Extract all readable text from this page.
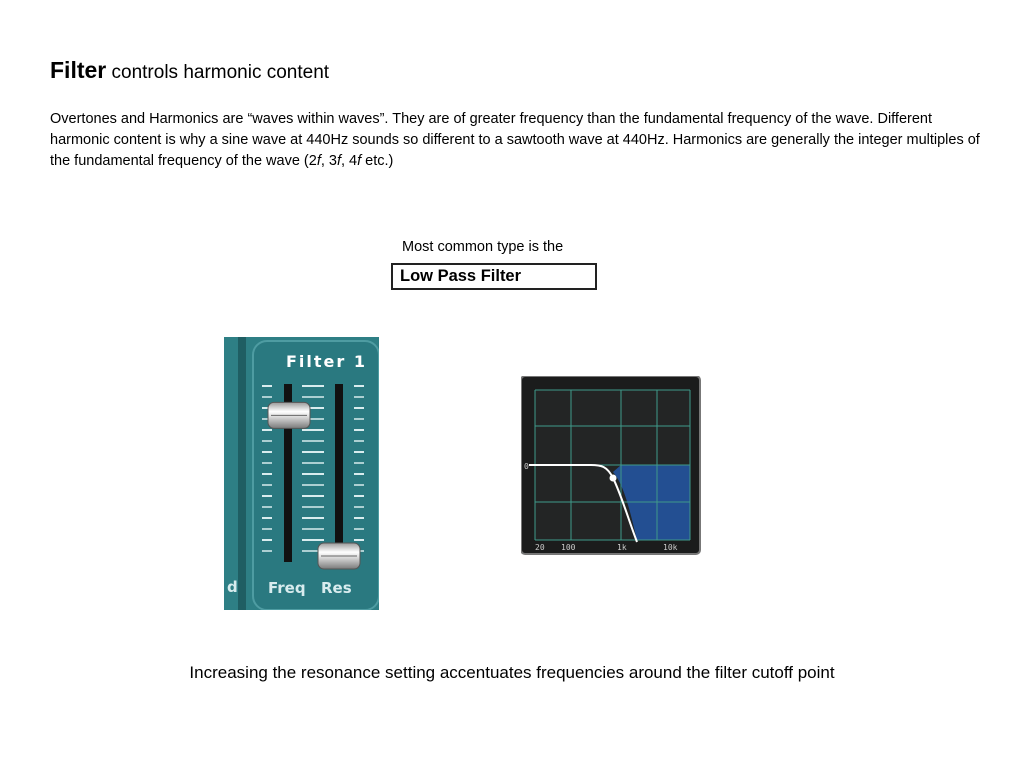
Filter controls harmonic content
Overtones and Harmonics are “waves within waves”. They are of greater frequency than the fundamental frequency of the wave. Different harmonic content is why a sine wave at 440Hz sounds so different to a sawtooth wave at 440Hz. Harmonics are generally the integer multiples of the fundamental frequency of the wave (2f, 3f, 4f etc.)
Most common type is the
Low Pass Filter
Filter 1
d Freq Res
0
20 100	1k	10k
Increasing the resonance setting accentuates frequencies around the filter cutoff point
